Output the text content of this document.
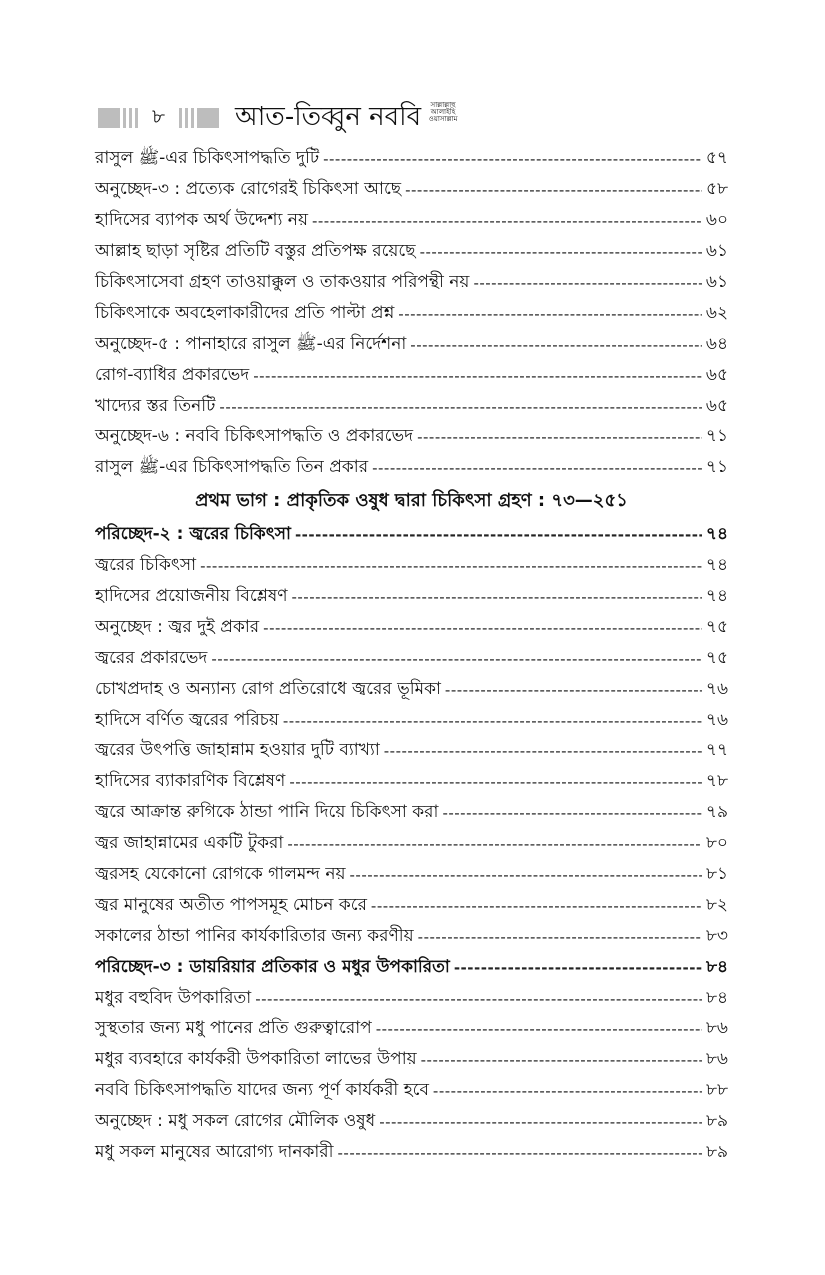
৮	আত-তিব্বুন নববি	সাল্লাল্লাহু আলাইহি ওয়াসাল্লাম
রাসুল ﷺ-এর চিকিৎসাপদ্ধতি দুটি -----	৫৭
অনুচ্ছেদ-৩ : প্রত্যেক রোগেরই চিকিৎসা আছে -----	৫৮
হাদিসের ব্যাপক অর্থ উদ্দেশ্য নয় -----	৬০
আল্লাহ ছাড়া সৃষ্টির প্রতিটি বস্তুর প্রতিপক্ষ রয়েছে -----	৬১
চিকিৎসাসেবা গ্রহণ তাওয়াক্কুল ও তাকওয়ার পরিপন্থী নয় -----	৬১
চিকিৎসাকে অবহেলাকারীদের প্রতি পাল্টা প্রশ্ন -----	৬২
অনুচ্ছেদ-৫ : পানাহারে রাসুল ﷺ-এর নির্দেশনা -----	৬৪
রোগ-ব্যাধির প্রকারভেদ -----	৬৫
খাদ্যের স্তর তিনটি -----	৬৫
অনুচ্ছেদ-৬ : নববি চিকিৎসাপদ্ধতি ও প্রকারভেদ -----	৭১
রাসুল ﷺ-এর চিকিৎসাপদ্ধতি তিন প্রকার -----	৭১
প্রথম ভাগ : প্রাকৃতিক ওষুধ দ্বারা চিকিৎসা গ্রহণ : ৭৩—২৫১
পরিচ্ছেদ-২ : জ্বরের চিকিৎসা -----	৭৪
জ্বরের চিকিৎসা -----	৭৪
হাদিসের প্রয়োজনীয় বিশ্লেষণ -----	৭৪
অনুচ্ছেদ : জ্বর দুই প্রকার -----	৭৫
জ্বরের প্রকারভেদ -----	৭৫
চোখপ্রদাহ ও অন্যান্য রোগ প্রতিরোধে জ্বরের ভূমিকা -----	৭৬
হাদিসে বর্ণিত জ্বরের পরিচয় -----	৭৬
জ্বরের উৎপত্তি জাহান্নাম হওয়ার দুটি ব্যাখ্যা -----	৭৭
হাদিসের ব্যাকারণিক বিশ্লেষণ -----	৭৮
জ্বরে আক্রান্ত রুগিকে ঠান্ডা পানি দিয়ে চিকিৎসা করা -----	৭৯
জ্বর জাহান্নামের একটি টুকরা -----	৮০
জ্বরসহ যেকোনো রোগকে গালমন্দ নয় -----	৮১
জ্বর মানুষের অতীত পাপসমূহ মোচন করে -----	৮২
সকালের ঠান্ডা পানির কার্যকারিতার জন্য করণীয় -----	৮৩
পরিচ্ছেদ-৩ : ডায়রিয়ার প্রতিকার ও মধুর উপকারিতা -----	৮৪
মধুর বহুবিদ উপকারিতা -----	৮৪
সুস্থতার জন্য মধু পানের প্রতি গুরুত্বারোপ -----	৮৬
মধুর ব্যবহারে কার্যকরী উপকারিতা লাভের উপায় -----	৮৬
নববি চিকিৎসাপদ্ধতি যাদের জন্য পূর্ণ কার্যকরী হবে -----	৮৮
অনুচ্ছেদ : মধু সকল রোগের মৌলিক ওষুধ -----	৮৯
মধু সকল মানুষের আরোগ্য দানকারী -----	৮৯
